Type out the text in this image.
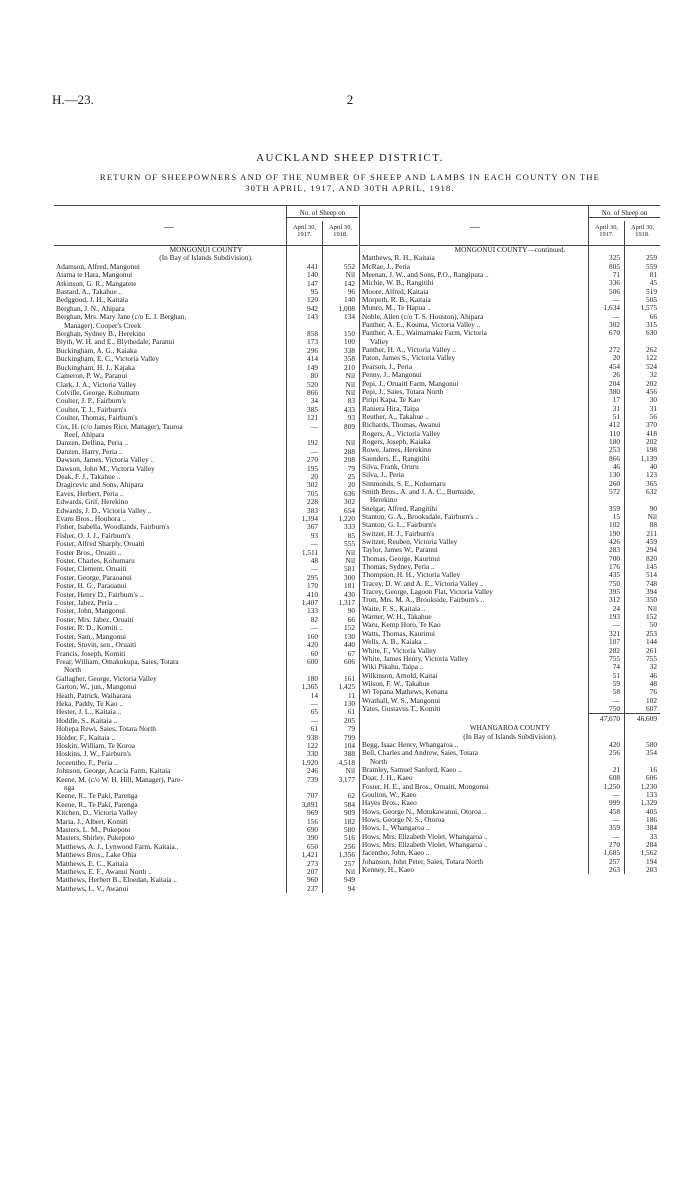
H.—23.	2
AUCKLAND SHEEP DISTRICT.
RETURN OF SHEEPOWNERS AND OF THE NUMBER OF SHEEP AND LAMBS IN EACH COUNTY ON THE
30TH APRIL, 1917, AND 30TH APRIL, 1918.
—
No. of Sheep on
April 30, 1917.
April 30, 1918.
MONGONUI COUNTY
(In Bay of Islands Subdivision).
Adamson, Alfred, Mangonui	441	552
Atama te Hara, Mangonui	140	Nil
Atkinson, G. R., Mangatete	147	142
Bastard, A., Takahue ..	95	96
Bedggood, J. H., Kaitaia	120	140
Berghan, J. N., Ahipara	942	1,008
Berghan, Mrs. Mary Jane (c/o E. J. Berghan,	143	134
Manager), Cooper's Creek
Berghan, Sydney B., Herekino	858	150
Blyth, W. H. and E., Blythedale, Paranui	173	100
Buckingham, A. G., Kaiaka	296	338
Buckingham, E. C., Victoria Valley	414	358
Buckingham, H. J., Kajaka	149	210
Cameron, P. W., Paranui	80	Nil
Clark, J. A., Victoria Valley	520	Nil
Colville, George, Kohumaru	866	Nil
Coulter, J. P., Fairburn's	34	83
Coulter, T. J., Fairburn's	385	433
Coulter, Thomas, Fairburn's	121	93
Cox, H. (c/o James Rice, Manager), Tauroa	—	809
Reef, Ahipara
Danzen, Delfina, Peria ..	192	Nil
Danzen, Harry, Peria ..	—	288
Dawson, James, Victoria Valley ..	270	208
Dawson, John M., Victoria Valley	195	79
Deak, F. J., Takahue ..	20	25
Dragicevic and Sons, Ahipara	302	20
Eaves, Herbert, Peria ..	705	636
Edwards, Grif, Herekino	228	302
Edwards, J. D., Victoria Valley ..	383	654
Evans Bros., Houhora ..	1,394	1,220
Fisher, Isabella, Woodlands, Fairburn's	367	333
Fisher, O. J. J., Fairburn's	93	85
Foster, Alfred Sharply, Oruaiti	—	555
Foster Bros., Oruaiti ..	1,511	Nil
Foster, Charles, Kohumaru	48	Nil
Foster, Clement, Oruaiti	—	581
Foster, George, Paraoanui	295	300
Foster, H. G., Paraoanui	170	181
Foster, Henry D., Fairburn's ..	410	430
Foster, Jabez, Peria ..	1,407	1,317
Foster, John, Mangonui	133	90
Foster, Mrs. Jabez, Oruaiti	82	66
Foster, R. D., Komiti ..	—	152
Foster, Sam., Mangonui	160	130
Foster, Stovin, sen., Oruaiti	420	440
Francis, Joseph, Komiti	60	67
Frear, William, Omakukupa, Saies, Totara	600	606
North
Gallagher, George, Victoria Valley	180	161
Garton, W., jun., Mangonui	1,365	1,425
Heath, Patrick, Waiharara	14	11
Heka, Paddy, Te Kao ..	—	130
Hester, J. L., Kaitaia ..	65	61
Hoddle, S., Kaitaia ..	—	205
Hohepa Rewi, Saies, Totara North	61	79
Holder, F., Kaitaia ..	938	799
Hoskin, William, Te Koroa	122	104
Hoskins, J. W., Fairburn's	330	388
Jeceentho, F., Peria ..	1,920	4,518
Johnson, George, Acacia Farm, Kaitaia	246	Nil
Keene, M. (c/o W. H. Hill, Manager), Pare-	739	3,177
nga
Keene, R., Te Paki, Parenga	707	62
Keene, R., Te Paki, Parenga	3,891	584
Kitchen, D., Victoria Valley	969	909
Maria, J., Albert, Komiti	156	182
Masters, L. M., Pukepoto	690	580
Masters, Shirley, Pukepoto	390	516
Matthews, A. J., Lynwood Farm, Kaitaia..	650	256
Matthews Bros., Lake Ohia	1,421	1,356
Matthews, E. C., Kaitaia	273	257
Matthews, E. F., Awanui North ..	207	Nil
Matthews, Herbert B., Eloedan, Kaitaia ..	960	949
Matthews, L. V., Awanui	237	94
—
No. of Sheep on
April 30, 1917.
April 30, 1918.
MONGONUI COUNTY—continued.
Matthews, R. H., Kaitaia	325	259
McRae, J., Peria	805	559
Meenan, J. W., and Sons, P.O., Rangiputa ..	71	81
Michie, W. B., Rangitihi	336	45
Moore, Alfred, Kaitaia	506	519
Morpeth, R. B., Kaitaia	—	505
Munro, M., Te Hapua ..	1,634	1,575
Noble, Allen (c/o T. S. Houston), Ahipara	—	66
Panther, A. E., Kouma, Victoria Valley ..	302	315
Panther, A. E., Waimamaku Farm, Victoria	670	630
Valley
Panther, H. A., Victoria Valley ..	272	262
Paton, James S., Victoria Valley	20	122
Pearson, J., Peria	454	524
Penny, J., Mangonui	26	32
Pepi, J., Oruaiti Farm, Mangonui	204	202
Pepi, J., Saies, Totara North	380	456
Piripi Kapa, Te Kao	17	30
Raniera Hira, Taipa	31	31
Reuther, A., Takahue ..	51	56
Richards, Thomas, Awanui	412	370
Rogers, A., Victoria Valley	110	418
Rogers, Joseph, Kaiaka	180	202
Rowe, James, Herekino	253	198
Saunders, E., Rangitihi	866	1,139
Silva, Frank, Oruru	46	40
Silva, J., Peria	130	123
Simmonds, S. E., Kohumaru	260	365
Smith Bros., A. and J. A. C., Burnside,	572	632
Herekino
Snelgar, Alfred, Rangitihi	359	90
Stanton, G. A., Brooksdale, Fairburn's ..	15	Nil
Stanton, G. L., Fairburn's	102	88
Switzer, H. J., Fairburn's	190	211
Switzer, Reuben, Victoria Valley	426	459
Taylor, James W., Paranui	283	294
Thomas, George, Kaurinui	700	820
Thomas, Sydney, Peria ..	176	145
Thompson, H. H., Victoria Valley	435	514
Tracey, D. W. and A. E., Victoria Valley ..	750	748
Tracey, George, Lagoon Flat, Victoria Valley	395	394
Trott, Mrs. M. A., Brookside, Fairburn's ..	312	350
Waite, F. S., Kaitaia ..	24	Nil
Warner, W. H., Takahue	193	152
Waru, Kemp Horo, Te Kao	—	50
Watts, Thomas, Kaurinui	321	253
Wells, A. B., Kaiaka ..	107	144
White, F., Victoria Valley	282	261
White, James Henry, Victoria Valley	755	755
Wiki Pikahu, Taipa ..	74	32
Wilkinson, Arnold, Kaitai	51	46
Wilson, F. W., Takahue	59	48
Wi Tepana Mathews, Kenana	58	76
Wrathall, W. S., Mangonui	—	102
Yates, Gustavus T., Komiti	750	607
47,670 46,609
WHANGAROA COUNTY
(In Bay of Islands Subdivision).
Begg, Isaac Henry, Whangaroa ..	420	580
Bell, Charles and Andrew, Saies, Totara	256	354
North
Bramley, Samuel Sanford, Kaeo ..	21	16
Doar, J. H., Kaeo	608	606
Foster, H. E., and Bros., Oruaiti, Mongonui	1,250	1,230
Goulton, W., Kaeo	—	133
Hayes Bros., Kaeo	999	1,329
Hows, George N., Motukawanui, Otoroa ..	458	405
Hows, George N. S., Otoroa	—	186
Hows, I., Whangaroa ..	359	384
Hows, Mrs. Elizabeth Violet, Whangaroa ..	—	33
Hows, Mrs. Elizabeth Violet, Whangaroa ..	270	284
Jacentho, John, Kaeo ..	1,685	1,562
Johanson, John Peter, Saies, Totara North	257	194
Kenney, H., Kaeo	263	203
